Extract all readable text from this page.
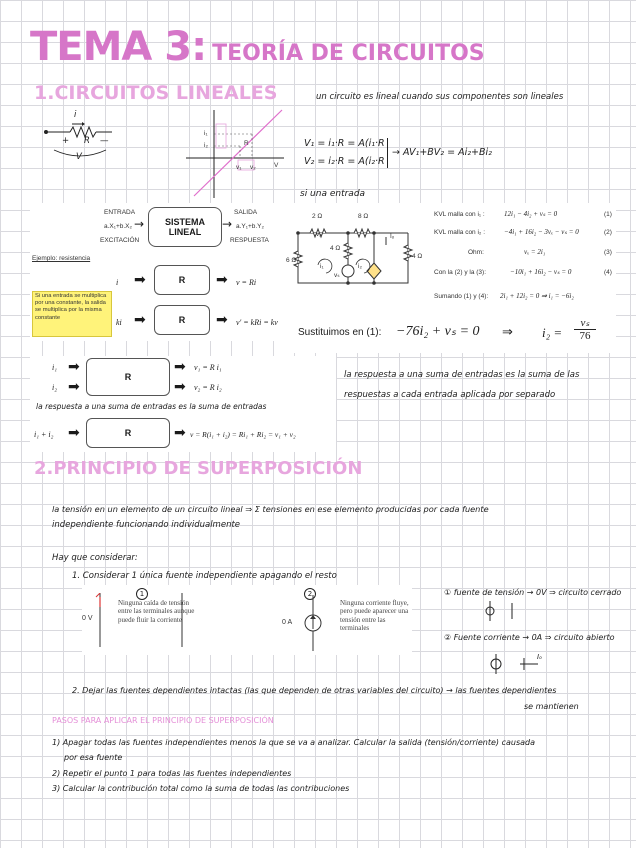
TEMA 3: TEORÍA DE CIRCUITOS
1.CIRCUITOS LINEALES	un circuito es lineal cuando sus componentes son lineales
i
+ R —
V
i₁
i₂	R
v₁ v₂	V
V₁ = i₁·R = A(i₁·R
V₂ = i₂·R = A(i₂·R
→ AV₁+BV₂ = Ai₂+Bi₂
si una entrada
ENTRADA	SALIDA
SISTEMA
LINEAL
a.X₁+b.X₂ →	→ a.Y₁+b.Y₂
EXCITACIÓN	RESPUESTA
Ejemplo: resistencia
i ➡	R	➡ v = Ri
Si una entrada se multiplica por una constante, la salida se multiplica por la misma constante
ki ➡	R	➡ v' = kRi = kv
2 Ω	8 Ω
4 Ω
6 Ω
4 Ω
i₁	i₂
vₛ
vₓ	Iₒ
KVL malla con i₁ :	12i₁ − 4i₂ + vₛ = 0	(1)
KVL malla con i₂ :	−4i₁ + 16i₂ − 3vₓ − vₛ = 0	(2)
Ohm:	vₓ = 2i₁	(3)
Con la (2) y la (3):	−10i₁ + 16i₂ − vₛ = 0	(4)
Sumando (1) y (4): 2i₁ + 12i₂ = 0 ⇒ i₁ = −6i₂
Sustituimos en (1): −76i₂ + vₛ = 0 ⇒ $i_2 = \frac{\text{vₛ}}{76}$
i₁ ➡
i₂ ➡
R
➡ v₁ = R i₁
➡ v₂ = R i₂
la respuesta a una suma de entradas es la suma de entradas
i₁ + i₂ ➡	R	➡ v = R(i₁ + i₂) = Ri₁ + Ri₂ = v₁ + v₂
la respuesta a una suma de entradas es la suma de las
respuestas a cada entrada aplicada por separado
2.PRINCIPIO DE SUPERPOSICIÓN
la tensión en un elemento de un circuito lineal ⇒ Σ tensiones en ese elemento producidas por cada fuente
independiente funcionando individualmente
Hay que considerar:
1. Considerar 1 única fuente independiente apagando el resto
1
0 V
Ninguna caída de tensión entre las terminales aunque puede fluir la corriente
2
0 A
Ninguna corriente fluye, pero puede aparecer una tensión entre las terminales
① fuente de tensión → 0V ⇒ circuito cerrado
② Fuente corriente → 0A ⇒ circuito abierto
Iₒ
2. Dejar las fuentes dependientes intactas (las que dependen de otras variables del circuito) → las fuentes dependientes
se mantienen
PASOS PARA APLICAR EL PRINCIPIO DE SUPERPOSICIÓN
1) Apagar todas las fuentes independientes menos la que se va a analizar. Calcular la salida (tensión/corriente) causada
por esa fuente
2) Repetir el punto 1 para todas las fuentes independientes
3) Calcular la contribución total como la suma de todas las contribuciones
